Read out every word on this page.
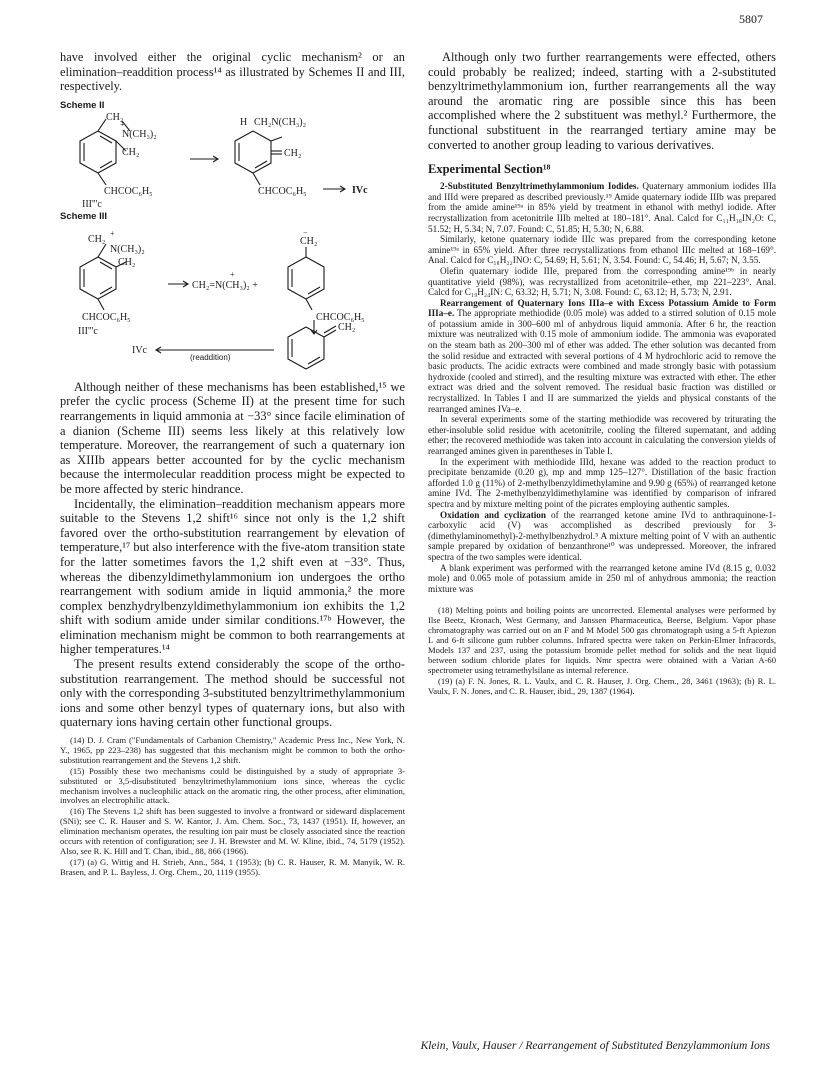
5807

have involved either the original cyclic mechanism² or an elimination–readdition process¹⁴ as illustrated by Schemes II and III, respectively.

Scheme II

CH₂
+
N(CH₃)₂
CH₂
CHCOC₆H₅
III'''c
H CH₂N(CH₃)₂
CH₂
CHCOC₆H₅	IVc

Scheme III

CH₂
+
N(CH₃)₂
CH₂
CHCOC₆H₅
III'''c
CH₂=N(CH₃)₂ +
+
CH₂
−
CHCOC₆H₅
CH₂
IVc
(readdition)

Although neither of these mechanisms has been established,¹⁵ we prefer the cyclic process (Scheme II) at the present time for such rearrangements in liquid ammonia at −33° since facile elimination of a dianion (Scheme III) seems less likely at this relatively low temperature. Moreover, the rearrangement of such a quaternary ion as XIIIb appears better accounted for by the cyclic mechanism because the intermolecular readdition process might be expected to be more affected by steric hindrance.

Incidentally, the elimination–readdition mechanism appears more suitable to the Stevens 1,2 shift¹⁶ since not only is the 1,2 shift favored over the ortho-substitution rearrangement by elevation of temperature,¹⁷ but also interference with the five-atom transition state for the latter sometimes favors the 1,2 shift even at −33°. Thus, whereas the dibenzyldimethylammonium ion undergoes the ortho rearrangement with sodium amide in liquid ammonia,² the more complex benzhydrylbenzyldimethylammonium ion exhibits the 1,2 shift with sodium amide under similar conditions.¹⁷ᵇ However, the elimination mechanism might be common to both rearrangements at higher temperatures.¹⁴

The present results extend considerably the scope of the ortho-substitution rearrangement. The method should be successful not only with the corresponding 3-substituted benzyltrimethylammonium ions and some other benzyl types of quaternary ions, but also with quaternary ions having certain other functional groups.

(14) D. J. Cram ("Fundamentals of Carbanion Chemistry," Academic Press Inc., New York, N. Y., 1965, pp 223–238) has suggested that this mechanism might be common to both the ortho-substitution rearrangement and the Stevens 1,2 shift.

(15) Possibly these two mechanisms could be distinguished by a study of appropriate 3-substituted or 3,5-disubstituted benzyltrimethylammonium ions since, whereas the cyclic mechanism involves a nucleophilic attack on the aromatic ring, the other process, after elimination, involves an electrophilic attack.

(16) The Stevens 1,2 shift has been suggested to involve a frontward or sideward displacement (SNi); see C. R. Hauser and S. W. Kantor, J. Am. Chem. Soc., 73, 1437 (1951). If, however, an elimination mechanism operates, the resulting ion pair must be closely associated since the reaction occurs with retention of configuration; see J. H. Brewster and M. W. Kline, ibid., 74, 5179 (1952). Also, see R. K. Hill and T. Chan, ibid., 88, 866 (1966).

(17) (a) G. Wittig and H. Strieb, Ann., 584, 1 (1953); (b) C. R. Hauser, R. M. Manyik, W. R. Brasen, and P. L. Bayless, J. Org. Chem., 20, 1119 (1955).

Although only two further rearrangements were effected, others could probably be realized; indeed, starting with a 2-substituted benzyltrimethylammonium ion, further rearrangements all the way around the aromatic ring are possible since this has been accomplished where the 2 substituent was methyl.² Furthermore, the functional substituent in the rearranged tertiary amine may be converted to another group leading to various derivatives.

Experimental Section¹⁸

2-Substituted Benzyltrimethylammonium Iodides. Quaternary ammonium iodides IIIa and IIId were prepared as described previously.¹⁹ Amide quaternary iodide IIIb was prepared from the amide amine¹⁹ᵃ in 85% yield by treatment in ethanol with methyl iodide. After recrystallization from acetonitrile IIIb melted at 180–181°. Anal. Calcd for C₁₁H₁₈IN₂O: C, 51.52; H, 5.34; N, 7.07. Found: C, 51.85; H, 5.30; N, 6.88.

Similarly, ketone quaternary iodide IIIc was prepared from the corresponding ketone amine¹⁹ᵃ in 65% yield. After three recrystallizations from ethanol IIIc melted at 168–169°. Anal. Calcd for C₁₈H₂₂INO: C, 54.69; H, 5.61; N, 3.54. Found: C, 54.46; H, 5.67; N, 3.55.

Olefin quaternary iodide IIIe, prepared from the corresponding amine¹⁹ᵇ in nearly quantitative yield (98%), was recrystallized from acetonitrile–ether, mp 221–223°. Anal. Calcd for C₁₉H₂₄IN: C, 63.32; H, 5.71; N, 3.08. Found: C, 63.12; H, 5.73; N, 2.91.

Rearrangement of Quaternary Ions IIIa–e with Excess Potassium Amide to Form IIIa–e. The appropriate methiodide (0.05 mole) was added to a stirred solution of 0.15 mole of potassium amide in 300–600 ml of anhydrous liquid ammonia. After 6 hr, the reaction mixture was neutralized with 0.15 mole of ammonium iodide. The ammonia was evaporated on the steam bath as 200–300 ml of ether was added. The ether solution was decanted from the solid residue and extracted with several portions of 4 M hydrochloric acid to remove the basic products. The acidic extracts were combined and made strongly basic with potassium hydroxide (cooled and stirred), and the resulting mixture was extracted with ether. The ether extract was dried and the solvent removed. The residual basic fraction was distilled or recrystallized. In Tables I and II are summarized the yields and physical constants of the rearranged amines IVa–e.

In several experiments some of the starting methiodide was recovered by triturating the ether-insoluble solid residue with acetonitrile, cooling the filtered supernatant, and adding ether; the recovered methiodide was taken into account in calculating the conversion yields of rearranged amines given in parentheses in Table I.

In the experiment with methiodide IIId, hexane was added to the reaction product to precipitate benzamide (0.20 g), mp and mmp 125–127°. Distillation of the basic fraction afforded 1.0 g (11%) of 2-methylbenzyldimethylamine and 9.90 g (65%) of rearranged ketone amine IVd. The 2-methylbenzyldimethylamine was identified by comparison of infrared spectra and by mixture melting point of the picrates employing authentic samples.

Oxidation and cyclization of the rearranged ketone amine IVd to anthraquinone-1-carboxylic acid (V) was accomplished as described previously for 3-(dimethylaminomethyl)-2-methylbenzhydrol.⁵ A mixture melting point of V with an authentic sample prepared by oxidation of benzanthrone¹⁰ was undepressed. Moreover, the infrared spectra of the two samples were identical.

A blank experiment was performed with the rearranged ketone amine IVd (8.15 g, 0.032 mole) and 0.065 mole of potassium amide in 250 ml of anhydrous ammonia; the reaction mixture was

(18) Melting points and boiling points are uncorrected. Elemental analyses were performed by Ilse Beetz, Kronach, West Germany, and Janssen Pharmaceutica, Beerse, Belgium. Vapor phase chromatography was carried out on an F and M Model 500 gas chromatograph using a 5-ft Apiezon L and 6-ft silicone gum rubber columns. Infrared spectra were taken on Perkin-Elmer Infracords, Models 137 and 237, using the potassium bromide pellet method for solids and the neat liquid between sodium chloride plates for liquids. Nmr spectra were obtained with a Varian A-60 spectrometer using tetramethylsilane as internal reference.

(19) (a) F. N. Jones, R. L. Vaulx, and C. R. Hauser, J. Org. Chem., 28, 3461 (1963); (b) R. L. Vaulx, F. N. Jones, and C. R. Hauser, ibid., 29, 1387 (1964).

Klein, Vaulx, Hauser / Rearrangement of Substituted Benzylammonium Ions
